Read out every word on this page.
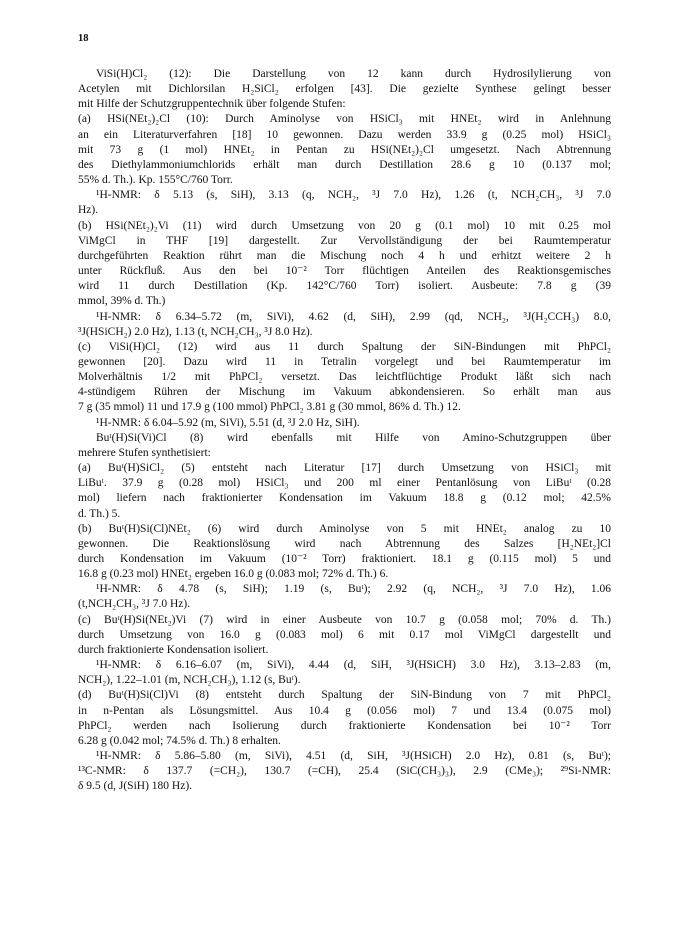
18

ViSi(H)Cl₂ (12): Die Darstellung von 12 kann durch Hydrosilylierung von

Acetylen mit Dichlorsilan H₂SiCl₂ erfolgen [43]. Die gezielte Synthese gelingt besser

mit Hilfe der Schutzgruppentechnik über folgende Stufen:

(a) HSi(NEt₂)₂Cl (10): Durch Aminolyse von HSiCl₃ mit HNEt₂ wird in Anlehnung

an ein Literaturverfahren [18] 10 gewonnen. Dazu werden 33.9 g (0.25 mol) HSiCl₃

mit 73 g (1 mol) HNEt₂ in Pentan zu HSi(NEt₂)₂Cl umgesetzt. Nach Abtrennung

des Diethylammoniumchlorids erhält man durch Destillation 28.6 g 10 (0.137 mol;

55% d. Th.). Kp. 155°C/760 Torr.

¹H-NMR: δ 5.13 (s, SiH), 3.13 (q, NCH₂, ³J 7.0 Hz), 1.26 (t, NCH₂CH₃, ³J 7.0

Hz).

(b) HSi(NEt₂)₂Vi (11) wird durch Umsetzung von 20 g (0.1 mol) 10 mit 0.25 mol

ViMgCl in THF [19] dargestellt. Zur Vervollständigung der bei Raumtemperatur

durchgeführten Reaktion rührt man die Mischung noch 4 h und erhitzt weitere 2 h

unter Rückfluß. Aus den bei 10⁻² Torr flüchtigen Anteilen des Reaktionsgemisches

wird 11 durch Destillation (Kp. 142°C/760 Torr) isoliert. Ausbeute: 7.8 g (39

mmol, 39% d. Th.)

¹H-NMR: δ 6.34–5.72 (m, SiVi), 4.62 (d, SiH), 2.99 (qd, NCH₂, ³J(H₂CCH₃) 8.0,

³J(HSiCH₂) 2.0 Hz), 1.13 (t, NCH₂CH₃, ³J 8.0 Hz).

(c) ViSi(H)Cl₂ (12) wird aus 11 durch Spaltung der SiN-Bindungen mit PhPCl₂

gewonnen [20]. Dazu wird 11 in Tetralin vorgelegt und bei Raumtemperatur im

Molverhältnis 1/2 mit PhPCl₂ versetzt. Das leichtflüchtige Produkt läßt sich nach

4-stündigem Rühren der Mischung im Vakuum abkondensieren. So erhält man aus

7 g (35 mmol) 11 und 17.9 g (100 mmol) PhPCl₂ 3.81 g (30 mmol, 86% d. Th.) 12.

¹H-NMR: δ 6.04–5.92 (m, SiVi), 5.51 (d, ³J 2.0 Hz, SiH).

Buᵗ(H)Si(Vi)Cl (8) wird ebenfalls mit Hilfe von Amino-Schutzgruppen über

mehrere Stufen synthetisiert:

(a) Buᵗ(H)SiCl₂ (5) entsteht nach Literatur [17] durch Umsetzung von HSiCl₃ mit

LiBuᵗ. 37.9 g (0.28 mol) HSiCl₃ und 200 ml einer Pentanlösung von LiBuᵗ (0.28

mol) liefern nach fraktionierter Kondensation im Vakuum 18.8 g (0.12 mol; 42.5%

d. Th.) 5.

(b) Buᵗ(H)Si(Cl)NEt₂ (6) wird durch Aminolyse von 5 mit HNEt₂ analog zu 10

gewonnen. Die Reaktionslösung wird nach Abtrennung des Salzes [H₂NEt₂]Cl

durch Kondensation im Vakuum (10⁻² Torr) fraktioniert. 18.1 g (0.115 mol) 5 und

16.8 g (0.23 mol) HNEt₂ ergeben 16.0 g (0.083 mol; 72% d. Th.) 6.

¹H-NMR: δ 4.78 (s, SiH); 1.19 (s, Buᵗ); 2.92 (q, NCH₂, ³J 7.0 Hz), 1.06

(t,NCH₂CH₃, ³J 7.0 Hz).

(c) Buᵗ(H)Si(NEt₂)Vi (7) wird in einer Ausbeute von 10.7 g (0.058 mol; 70% d. Th.)

durch Umsetzung von 16.0 g (0.083 mol) 6 mit 0.17 mol ViMgCl dargestellt und

durch fraktionierte Kondensation isoliert.

¹H-NMR: δ 6.16–6.07 (m, SiVi), 4.44 (d, SiH, ³J(HSiCH) 3.0 Hz), 3.13–2.83 (m,

NCH₂), 1.22–1.01 (m, NCH₂CH₃), 1.12 (s, Buᵗ).

(d) Buᵗ(H)Si(Cl)Vi (8) entsteht durch Spaltung der SiN-Bindung von 7 mit PhPCl₂

in n-Pentan als Lösungsmittel. Aus 10.4 g (0.056 mol) 7 und 13.4 (0.075 mol)

PhPCl₂ werden nach Isolierung durch fraktionierte Kondensation bei 10⁻² Torr

6.28 g (0.042 mol; 74.5% d. Th.) 8 erhalten.

¹H-NMR: δ 5.86–5.80 (m, SiVi), 4.51 (d, SiH, ³J(HSiCH) 2.0 Hz), 0.81 (s, Buᵗ);

¹³C-NMR: δ 137.7 (=CH₂), 130.7 (=CH), 25.4 (SiC(CH₃)₃), 2.9 (CMe₃); ²⁹Si-NMR:

δ 9.5 (d, J(SiH) 180 Hz).
